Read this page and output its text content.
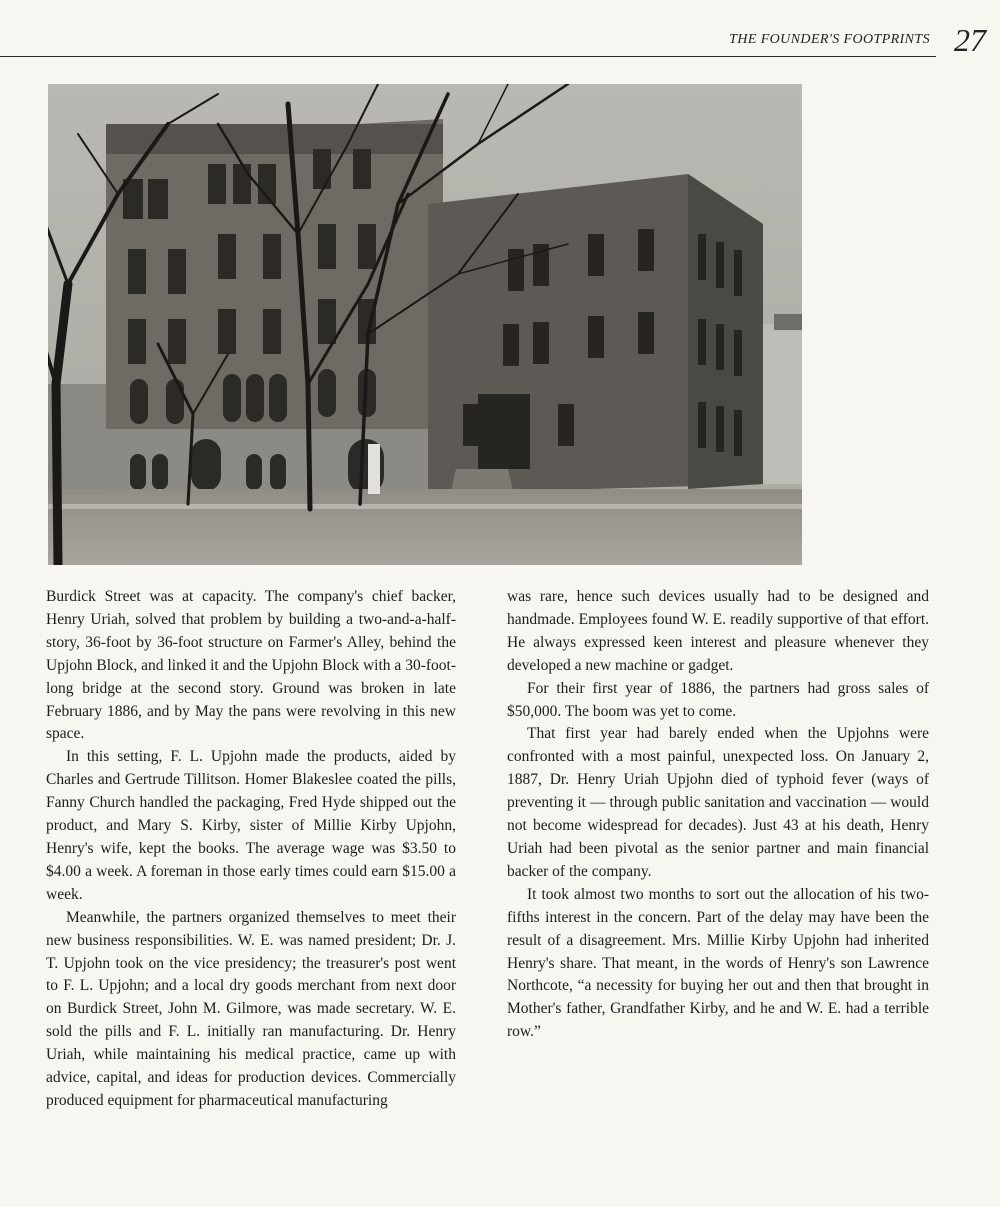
THE FOUNDER'S FOOTPRINTS 27

Burdick Street was at capacity. The company's chief backer, Henry Uriah, solved that problem by building a two-and-a-half-story, 36-foot by 36-foot structure on Farmer's Alley, behind the Upjohn Block, and linked it and the Upjohn Block with a 30-foot-long bridge at the second story. Ground was broken in late February 1886, and by May the pans were revolving in this new space.

In this setting, F. L. Upjohn made the products, aided by Charles and Gertrude Tillitson. Homer Blakeslee coated the pills, Fanny Church handled the packaging, Fred Hyde shipped out the product, and Mary S. Kirby, sister of Millie Kirby Upjohn, Henry's wife, kept the books. The average wage was $3.50 to $4.00 a week. A foreman in those early times could earn $15.00 a week.

Meanwhile, the partners organized themselves to meet their new business responsibilities. W. E. was named president; Dr. J. T. Upjohn took on the vice presidency; the treasurer's post went to F. L. Upjohn; and a local dry goods merchant from next door on Burdick Street, John M. Gilmore, was made secretary. W. E. sold the pills and F. L. initially ran manufacturing. Dr. Henry Uriah, while maintaining his medical practice, came up with advice, capital, and ideas for production devices. Commercially produced equipment for pharmaceutical manufacturing

was rare, hence such devices usually had to be designed and handmade. Employees found W. E. readily supportive of that effort. He always expressed keen interest and pleasure whenever they developed a new machine or gadget.

For their first year of 1886, the partners had gross sales of $50,000. The boom was yet to come.

That first year had barely ended when the Upjohns were confronted with a most painful, unexpected loss. On January 2, 1887, Dr. Henry Uriah Upjohn died of typhoid fever (ways of preventing it — through public sanitation and vaccination — would not become widespread for decades). Just 43 at his death, Henry Uriah had been pivotal as the senior partner and main financial backer of the company.

It took almost two months to sort out the allocation of his two-fifths interest in the concern. Part of the delay may have been the result of a disagreement. Mrs. Millie Kirby Upjohn had inherited Henry's share. That meant, in the words of Henry's son Lawrence Northcote, “a necessity for buying her out and then that brought in Mother's father, Grandfather Kirby, and he and W. E. had a terrible row.”
